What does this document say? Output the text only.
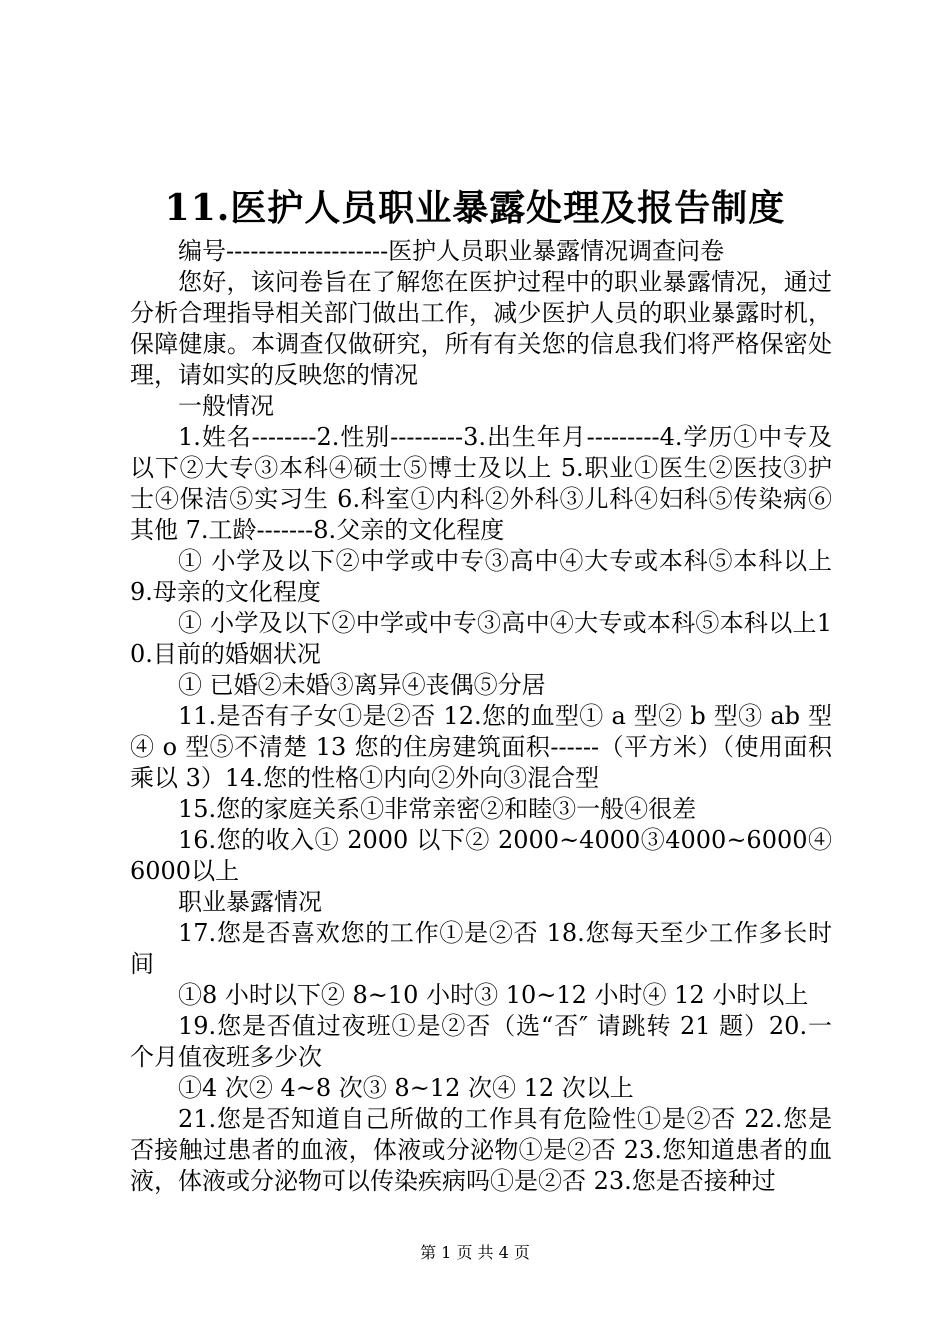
11.医护人员职业暴露处理及报告制度

编号--------------------医护人员职业暴露情况调查问卷

您好，该问卷旨在了解您在医护过程中的职业暴露情况，通过分析合理指导相关部门做出工作，减少医护人员的职业暴露时机，保障健康。本调查仅做研究，所有有关您的信息我们将严格保密处理，请如实的反映您的情况

一般情况

1.姓名--------2.性别---------3.出生年月---------4.学历①中专及以下②大专③本科④硕士⑤博士及以上 5.职业①医生②医技③护士④保洁⑤实习生 6.科室①内科②外科③儿科④妇科⑤传染病⑥其他 7.工龄-------8.父亲的文化程度

① 小学及以下②中学或中专③高中④大专或本科⑤本科以上9.母亲的文化程度

① 小学及以下②中学或中专③高中④大专或本科⑤本科以上10.目前的婚姻状况

① 已婚②未婚③离异④丧偶⑤分居

11.是否有子女①是②否 12.您的血型① a 型② b 型③ ab 型④ o 型⑤不清楚 13 您的住房建筑面积------（平方米）（使用面积乘以 3）14.您的性格①内向②外向③混合型

15.您的家庭关系①非常亲密②和睦③一般④很差

16.您的收入① 2000 以下② 2000~4000③4000~6000④6000以上

职业暴露情况

17.您是否喜欢您的工作①是②否 18.您每天至少工作多长时间

①8 小时以下② 8~10 小时③ 10~12 小时④ 12 小时以上

19.您是否值过夜班①是②否（选“否″ 请跳转 21 题）20.一个月值夜班多少次

①4 次② 4~8 次③ 8~12 次④ 12 次以上

21.您是否知道自己所做的工作具有危险性①是②否 22.您是否接触过患者的血液，体液或分泌物①是②否 23.您知道患者的血液，体液或分泌物可以传染疾病吗①是②否 23.您是否接种过

第 1 页 共 4 页
